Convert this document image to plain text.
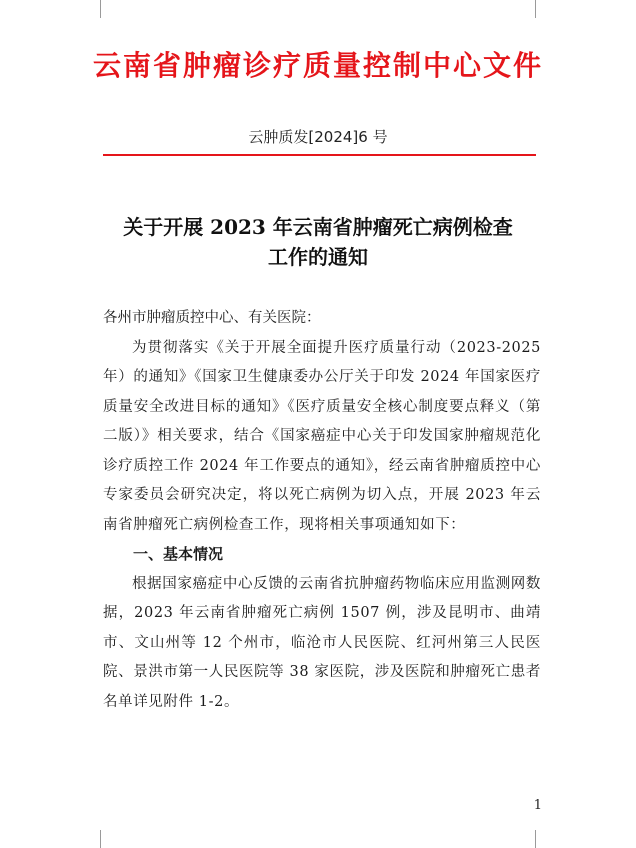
云南省肿瘤诊疗质量控制中心文件
云肿质发[2024]6 号
关于开展 2023 年云南省肿瘤死亡病例检查
工作的通知

各州市肿瘤质控中心、有关医院：

为贯彻落实《关于开展全面提升医疗质量行动（2023-2025 年）的通知》《国家卫生健康委办公厅关于印发 2024 年国家医疗质量安全改进目标的通知》《医疗质量安全核心制度要点释义（第二版）》相关要求，结合《国家癌症中心关于印发国家肿瘤规范化诊疗质控工作 2024 年工作要点的通知》，经云南省肿瘤质控中心专家委员会研究决定，将以死亡病例为切入点，开展 2023 年云南省肿瘤死亡病例检查工作，现将相关事项通知如下：

一、基本情况

根据国家癌症中心反馈的云南省抗肿瘤药物临床应用监测网数据，2023 年云南省肿瘤死亡病例 1507 例，涉及昆明市、曲靖市、文山州等 12 个州市，临沧市人民医院、红河州第三人民医院、景洪市第一人民医院等 38 家医院，涉及医院和肿瘤死亡患者名单详见附件 1-2。

1
